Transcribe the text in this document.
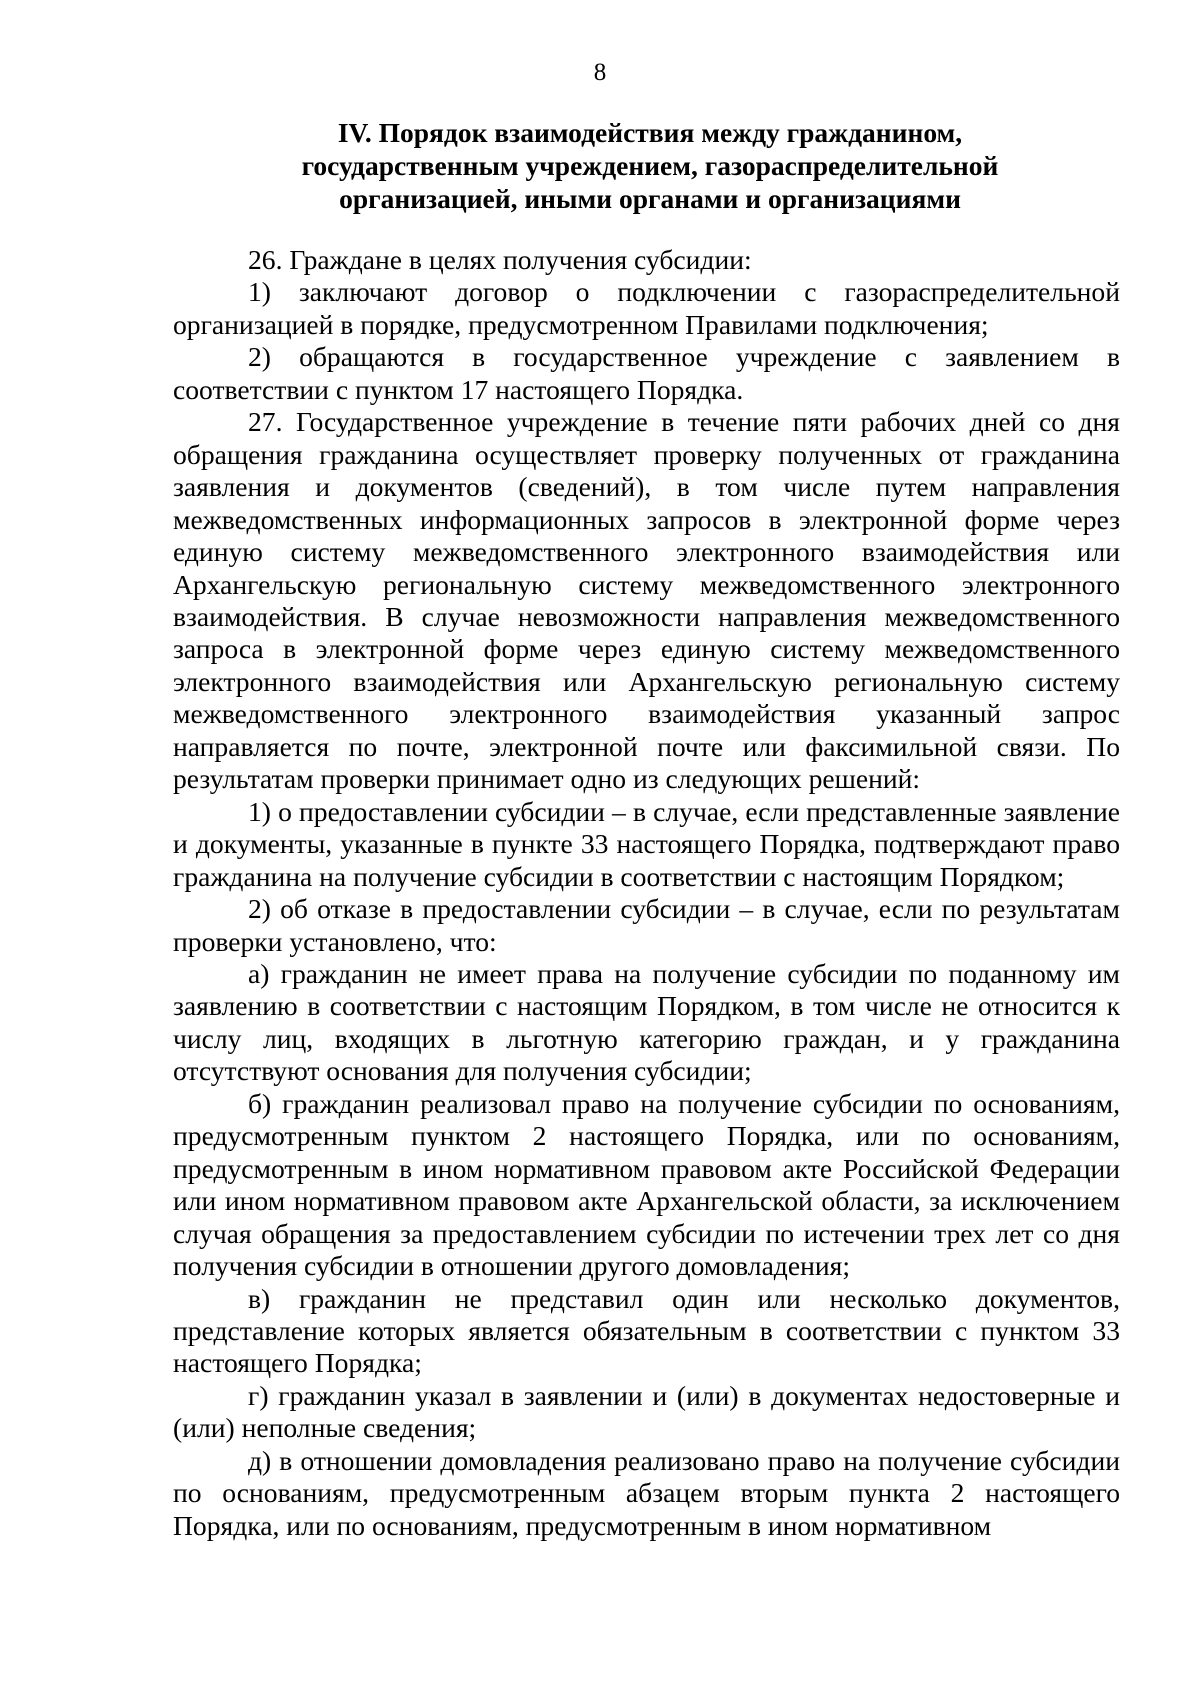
8
IV. Порядок взаимодействия между гражданином,
государственным учреждением, газораспределительной
организацией, иными органами и организациями

26. Граждане в целях получения субсидии:

1) заключают договор о подключении с газораспределительной организацией в порядке, предусмотренном Правилами подключения;

2) обращаются в государственное учреждение с заявлением в соответствии с пунктом 17 настоящего Порядка.

27. Государственное учреждение в течение пяти рабочих дней со дня обращения гражданина осуществляет проверку полученных от гражданина заявления и документов (сведений), в том числе путем направления межведомственных информационных запросов в электронной форме через единую систему межведомственного электронного взаимодействия или Архангельскую региональную систему межведомственного электронного взаимодействия. В случае невозможности направления межведомственного запроса в электронной форме через единую систему межведомственного электронного взаимодействия или Архангельскую региональную систему межведомственного электронного взаимодействия указанный запрос направляется по почте, электронной почте или факсимильной связи. По результатам проверки принимает одно из следующих решений:

1) о предоставлении субсидии – в случае, если представленные заявление и документы, указанные в пункте 33 настоящего Порядка, подтверждают право гражданина на получение субсидии в соответствии с настоящим Порядком;

2) об отказе в предоставлении субсидии – в случае, если по результатам проверки установлено, что:

а) гражданин не имеет права на получение субсидии по поданному им заявлению в соответствии с настоящим Порядком, в том числе не относится к числу лиц, входящих в льготную категорию граждан, и у гражданина отсутствуют основания для получения субсидии;

б) гражданин реализовал право на получение субсидии по основаниям, предусмотренным пунктом 2 настоящего Порядка, или по основаниям, предусмотренным в ином нормативном правовом акте Российской Федерации или ином нормативном правовом акте Архангельской области, за исключением случая обращения за предоставлением субсидии по истечении трех лет со дня получения субсидии в отношении другого домовладения;

в) гражданин не представил один или несколько документов, представление которых является обязательным в соответствии с пунктом 33 настоящего Порядка;

г) гражданин указал в заявлении и (или) в документах недостоверные и (или) неполные сведения;

д) в отношении домовладения реализовано право на получение субсидии по основаниям, предусмотренным абзацем вторым пункта 2 настоящего Порядка, или по основаниям, предусмотренным в ином нормативном
